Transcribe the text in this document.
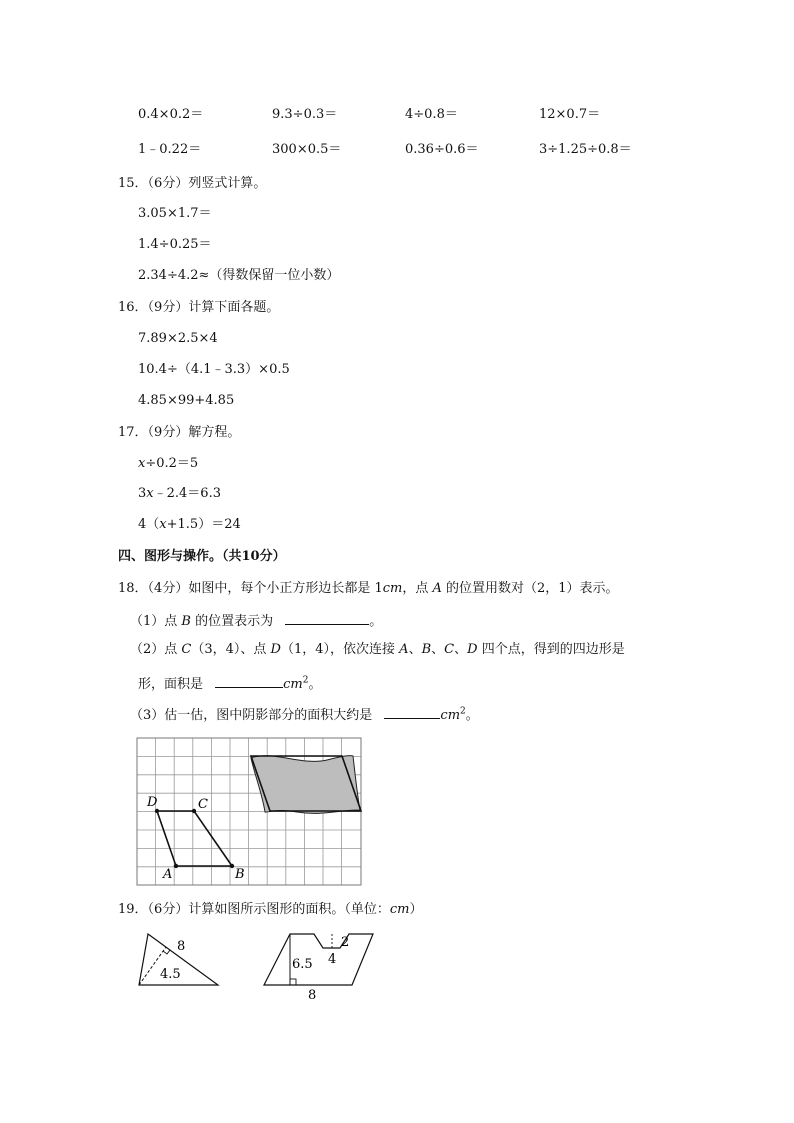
0.4×0.2＝	9.3÷0.3＝	4÷0.8＝	12×0.7＝
1﹣0.22＝	300×0.5＝	0.36÷0.6＝	3÷1.25÷0.8＝
15．（6分）列竖式计算。
3.05×1.7＝
1.4÷0.25＝
2.34÷4.2≈（得数保留一位小数）
16．（9分）计算下面各题。
7.89×2.5×4
10.4÷（4.1﹣3.3）×0.5
4.85×99+4.85
17．（9分）解方程。
x÷0.2＝5
3x﹣2.4＝6.3
4（x+1.5）＝24
四、图形与操作。（共10分）
18．（4分）如图中，每个小正方形边长都是 1cm，点 A 的位置用数对（2，1）表示。
（1）点 B 的位置表示为	。
（2）点 C（3，4）、点 D（1，4），依次连接 A、B、C、D 四个点，得到的四边形是
形，面积是	$cm^2$。
（3）估一估，图中阴影部分的面积大约是	$cm^2$。
D	C
A	B
19．（6分）计算如图所示图形的面积。（单位：cm）
8
4.5
6.5
2
4
8
